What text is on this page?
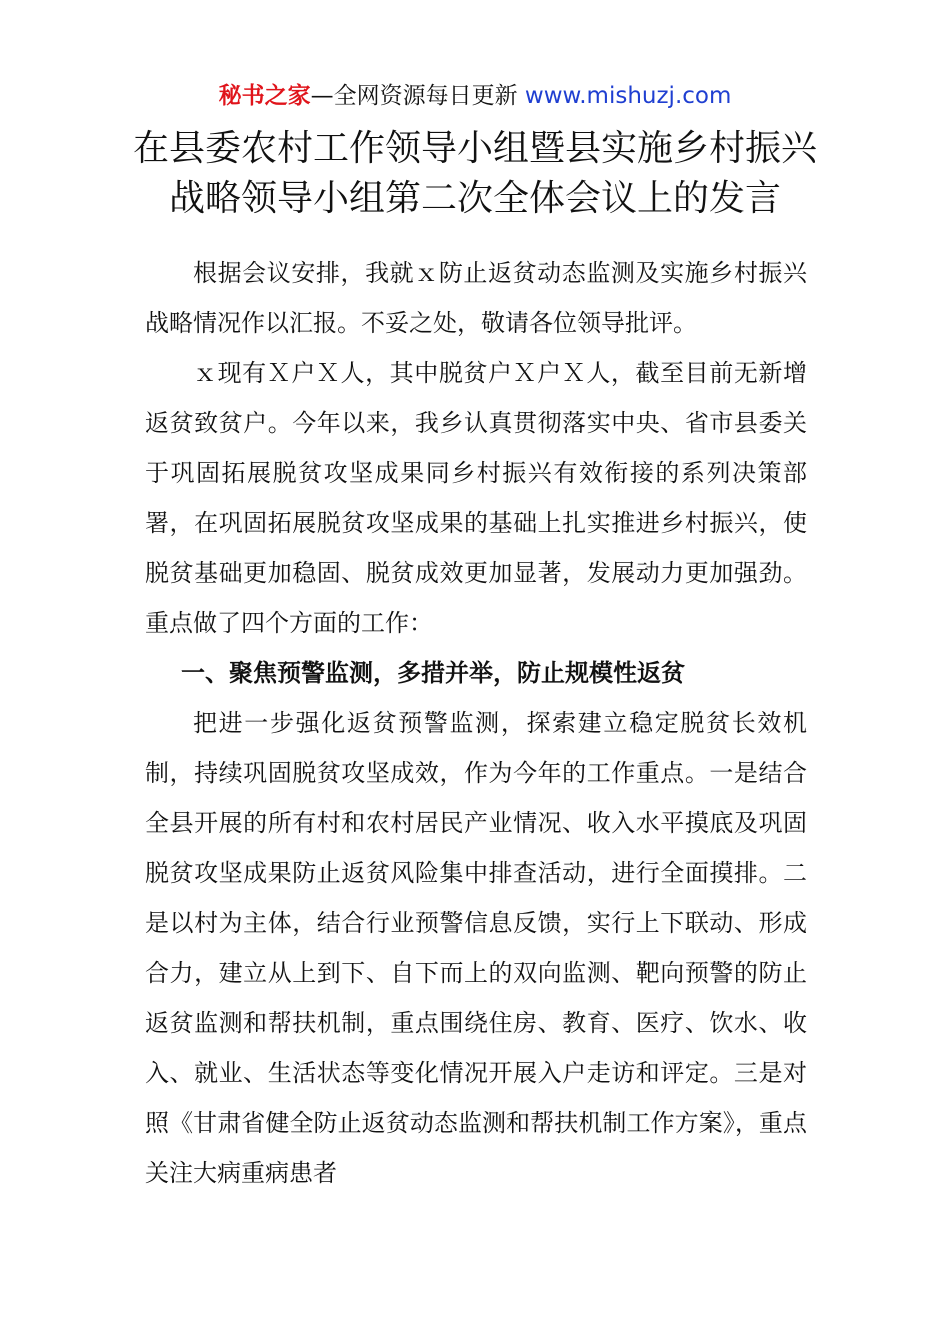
秘书之家—全网资源每日更新 www.mishuzj.com
在县委农村工作领导小组暨县实施乡村振兴战略领导小组第二次全体会议上的发言

根据会议安排，我就ｘ防止返贫动态监测及实施乡村振兴战略情况作以汇报。不妥之处，敬请各位领导批评。

ｘ现有Ｘ户Ｘ人，其中脱贫户Ｘ户Ｘ人，截至目前无新增返贫致贫户。今年以来，我乡认真贯彻落实中央、省市县委关于巩固拓展脱贫攻坚成果同乡村振兴有效衔接的系列决策部署，在巩固拓展脱贫攻坚成果的基础上扎实推进乡村振兴，使脱贫基础更加稳固、脱贫成效更加显著，发展动力更加强劲。重点做了四个方面的工作：

一、聚焦预警监测，多措并举，防止规模性返贫

把进一步强化返贫预警监测，探索建立稳定脱贫长效机制，持续巩固脱贫攻坚成效，作为今年的工作重点。一是结合全县开展的所有村和农村居民产业情况、收入水平摸底及巩固脱贫攻坚成果防止返贫风险集中排查活动，进行全面摸排。二是以村为主体，结合行业预警信息反馈，实行上下联动、形成合力，建立从上到下、自下而上的双向监测、靶向预警的防止返贫监测和帮扶机制，重点围绕住房、教育、医疗、饮水、收入、就业、生活状态等变化情况开展入户走访和评定。三是对照《甘肃省健全防止返贫动态监测和帮扶机制工作方案》，重点关注大病重病患者
